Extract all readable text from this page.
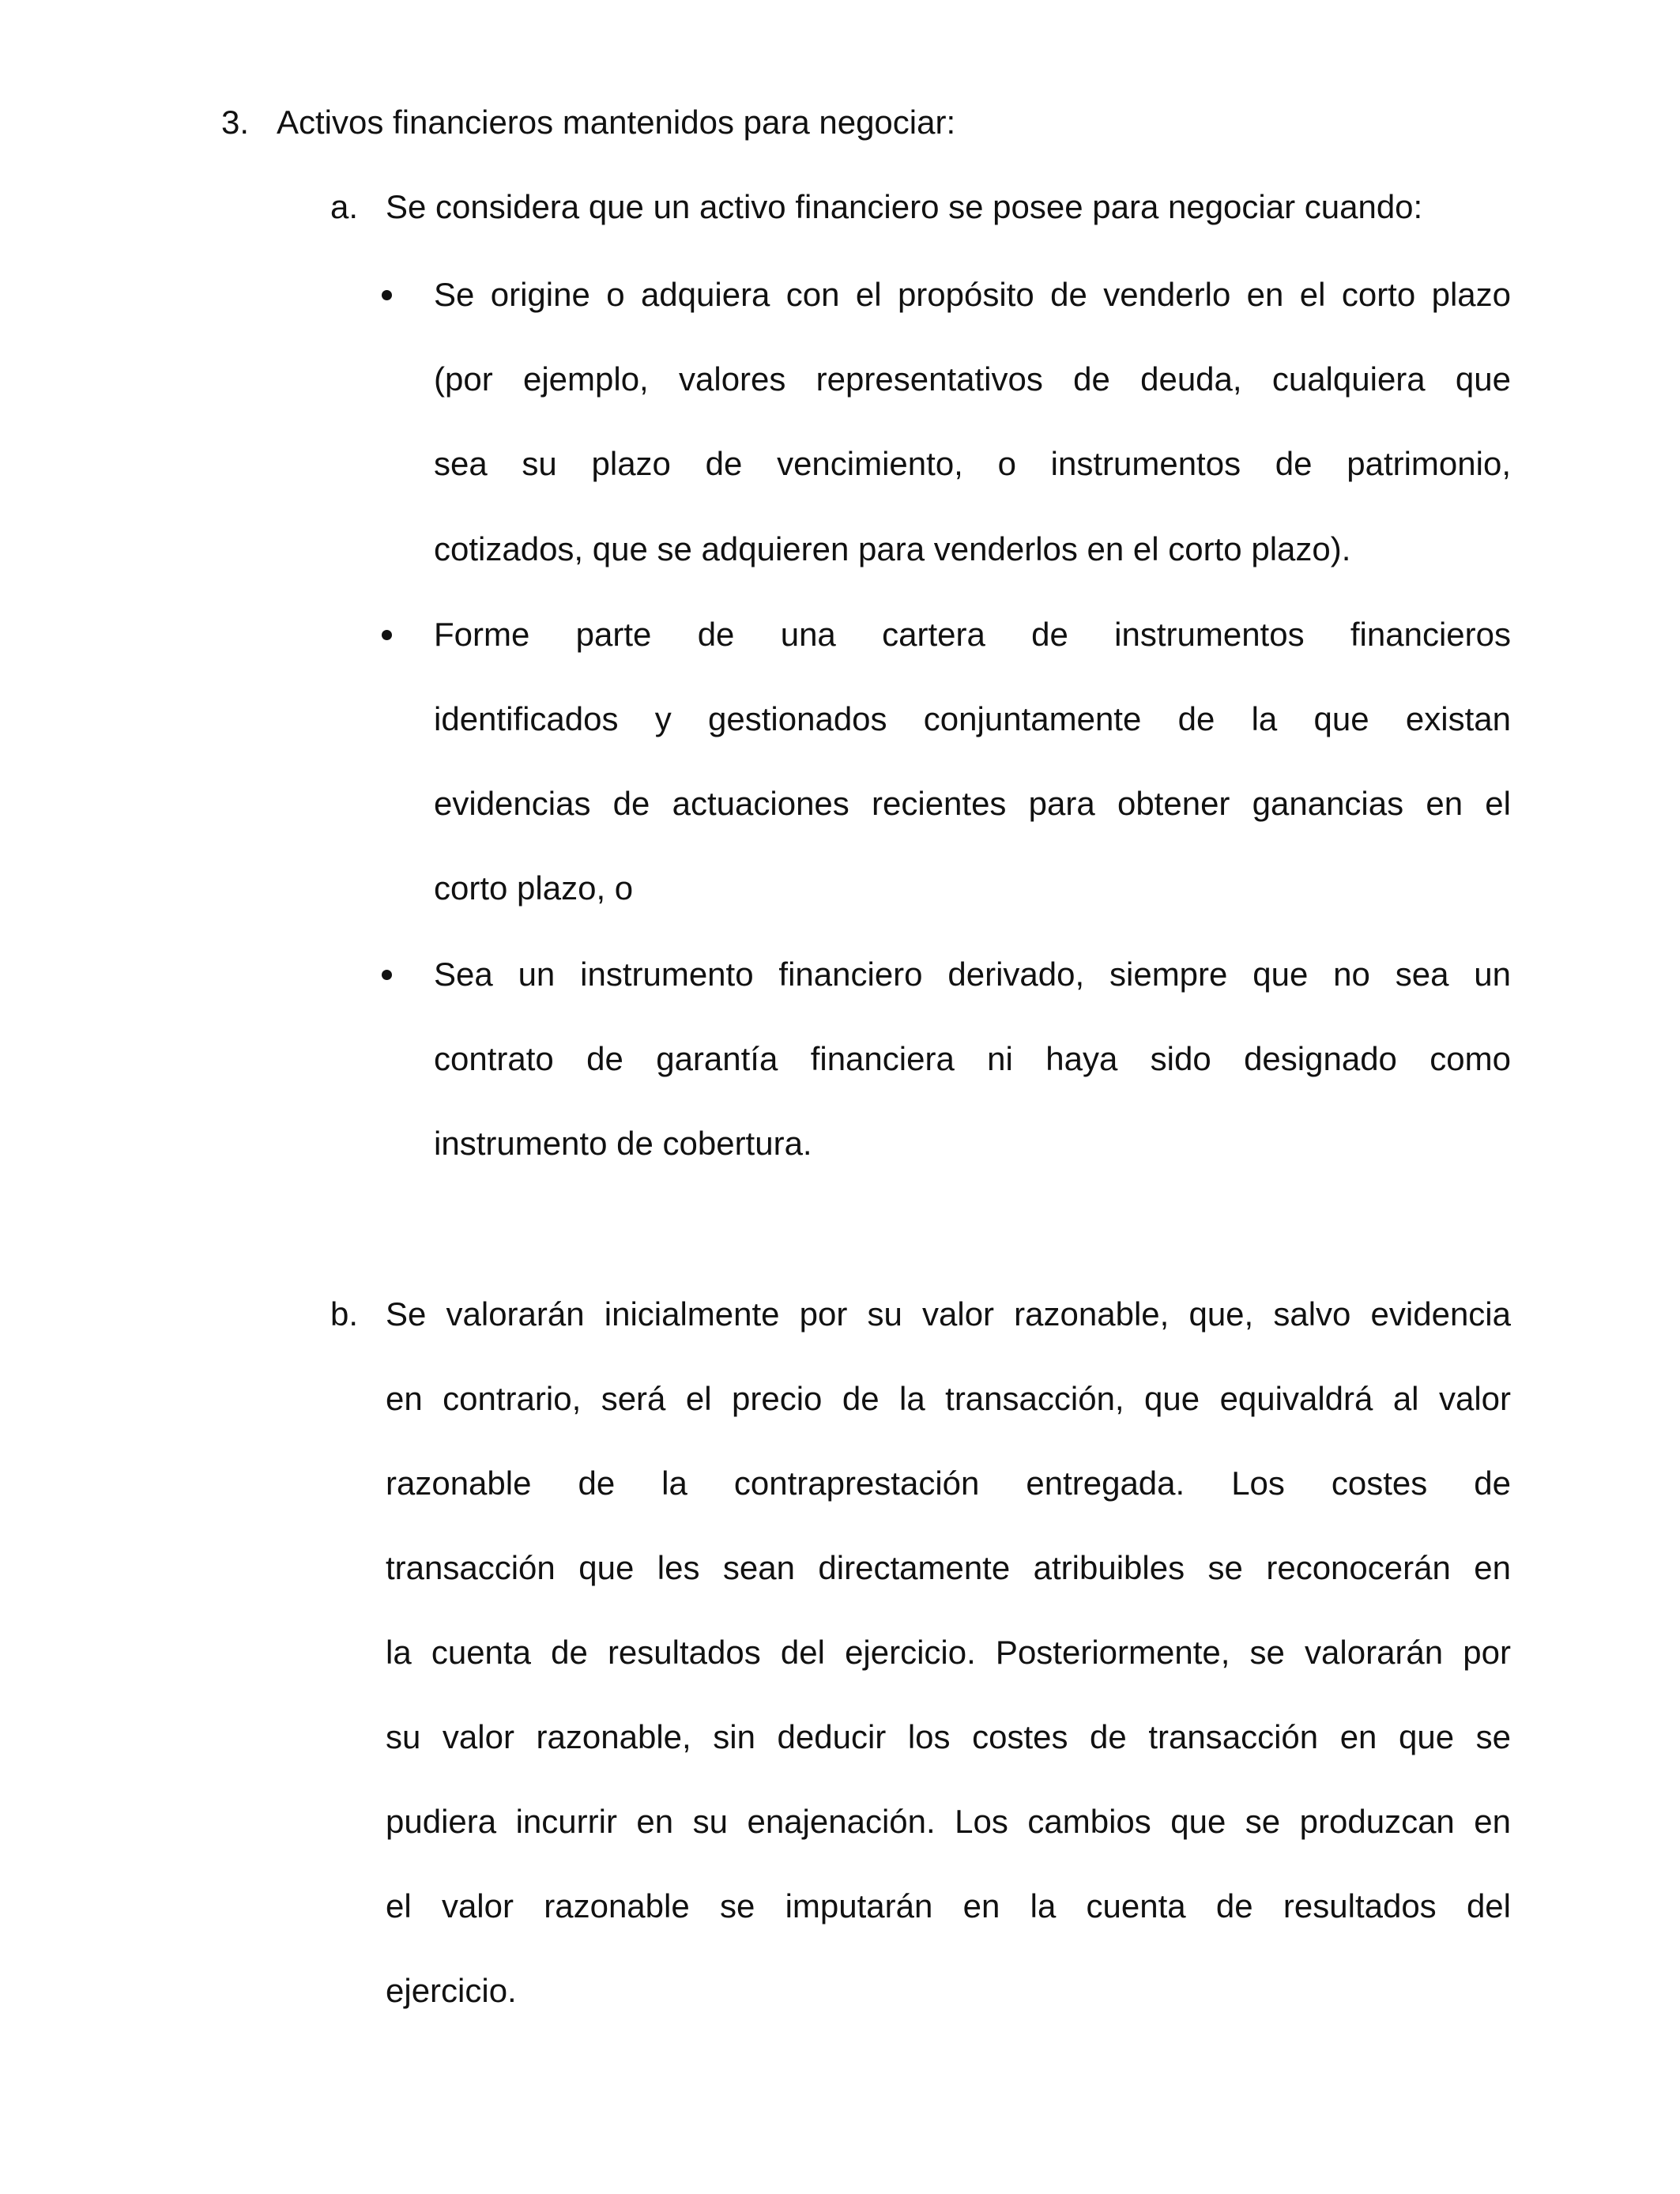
3. Activos financieros mantenidos para negociar:
a. Se considera que un activo financiero se posee para negociar cuando:
Se origine o adquiera con el propósito de venderlo en el corto plazo
(por ejemplo, valores representativos de deuda, cualquiera que
sea su plazo de vencimiento, o instrumentos de patrimonio,
cotizados, que se adquieren para venderlos en el corto plazo).
Forme parte de una cartera de instrumentos financieros
identificados y gestionados conjuntamente de la que existan
evidencias de actuaciones recientes para obtener ganancias en el
corto plazo, o
Sea un instrumento financiero derivado, siempre que no sea un
contrato de garantía financiera ni haya sido designado como
instrumento de cobertura.
b. Se valorarán inicialmente por su valor razonable, que, salvo evidencia
en contrario, será el precio de la transacción, que equivaldrá al valor
razonable de la contraprestación entregada. Los costes de
transacción que les sean directamente atribuibles se reconocerán en
la cuenta de resultados del ejercicio. Posteriormente, se valorarán por
su valor razonable, sin deducir los costes de transacción en que se
pudiera incurrir en su enajenación. Los cambios que se produzcan en
el valor razonable se imputarán en la cuenta de resultados del
ejercicio.
